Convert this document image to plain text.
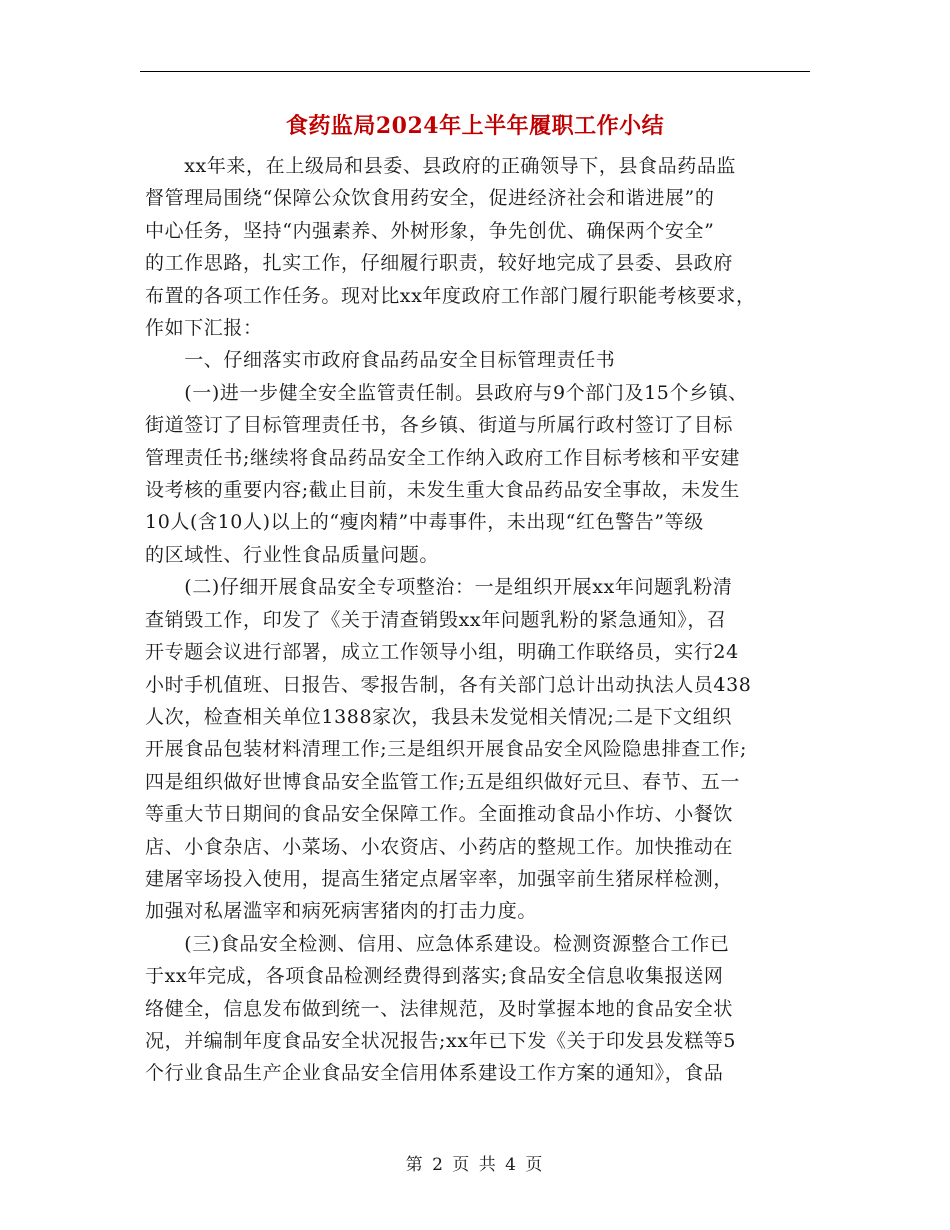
食药监局2024年上半年履职工作小结

　　xx年来，在上级局和县委、县政府的正确领导下，县食品药品监
督管理局围绕“保障公众饮食用药安全，促进经济社会和谐进展”的
中心任务，坚持“内强素养、外树形象，争先创优、确保两个安全”
的工作思路，扎实工作，仔细履行职责，较好地完成了县委、县政府
布置的各项工作任务。现对比xx年度政府工作部门履行职能考核要求，
作如下汇报：

　　一、仔细落实市政府食品药品安全目标管理责任书

　　(一)进一步健全安全监管责任制。县政府与9个部门及15个乡镇、
街道签订了目标管理责任书，各乡镇、街道与所属行政村签订了目标
管理责任书;继续将食品药品安全工作纳入政府工作目标考核和平安建
设考核的重要内容;截止目前，未发生重大食品药品安全事故，未发生
10人(含10人)以上的“瘦肉精”中毒事件，未出现“红色警告”等级
的区域性、行业性食品质量问题。

　　(二)仔细开展食品安全专项整治：一是组织开展xx年问题乳粉清
查销毁工作，印发了《关于清查销毁xx年问题乳粉的紧急通知》，召
开专题会议进行部署，成立工作领导小组，明确工作联络员，实行24
小时手机值班、日报告、零报告制，各有关部门总计出动执法人员438
人次，检查相关单位1388家次，我县未发觉相关情况;二是下文组织
开展食品包装材料清理工作;三是组织开展食品安全风险隐患排查工作;
四是组织做好世博食品安全监管工作;五是组织做好元旦、春节、五一
等重大节日期间的食品安全保障工作。全面推动食品小作坊、小餐饮
店、小食杂店、小菜场、小农资店、小药店的整规工作。加快推动在
建屠宰场投入使用，提高生猪定点屠宰率，加强宰前生猪尿样检测，
加强对私屠滥宰和病死病害猪肉的打击力度。

　　(三)食品安全检测、信用、应急体系建设。检测资源整合工作已
于xx年完成，各项食品检测经费得到落实;食品安全信息收集报送网
络健全，信息发布做到统一、法律规范，及时掌握本地的食品安全状
况，并编制年度食品安全状况报告;xx年已下发《关于印发县发糕等5
个行业食品生产企业食品安全信用体系建设工作方案的通知》，食品

第 2 页 共 4 页
